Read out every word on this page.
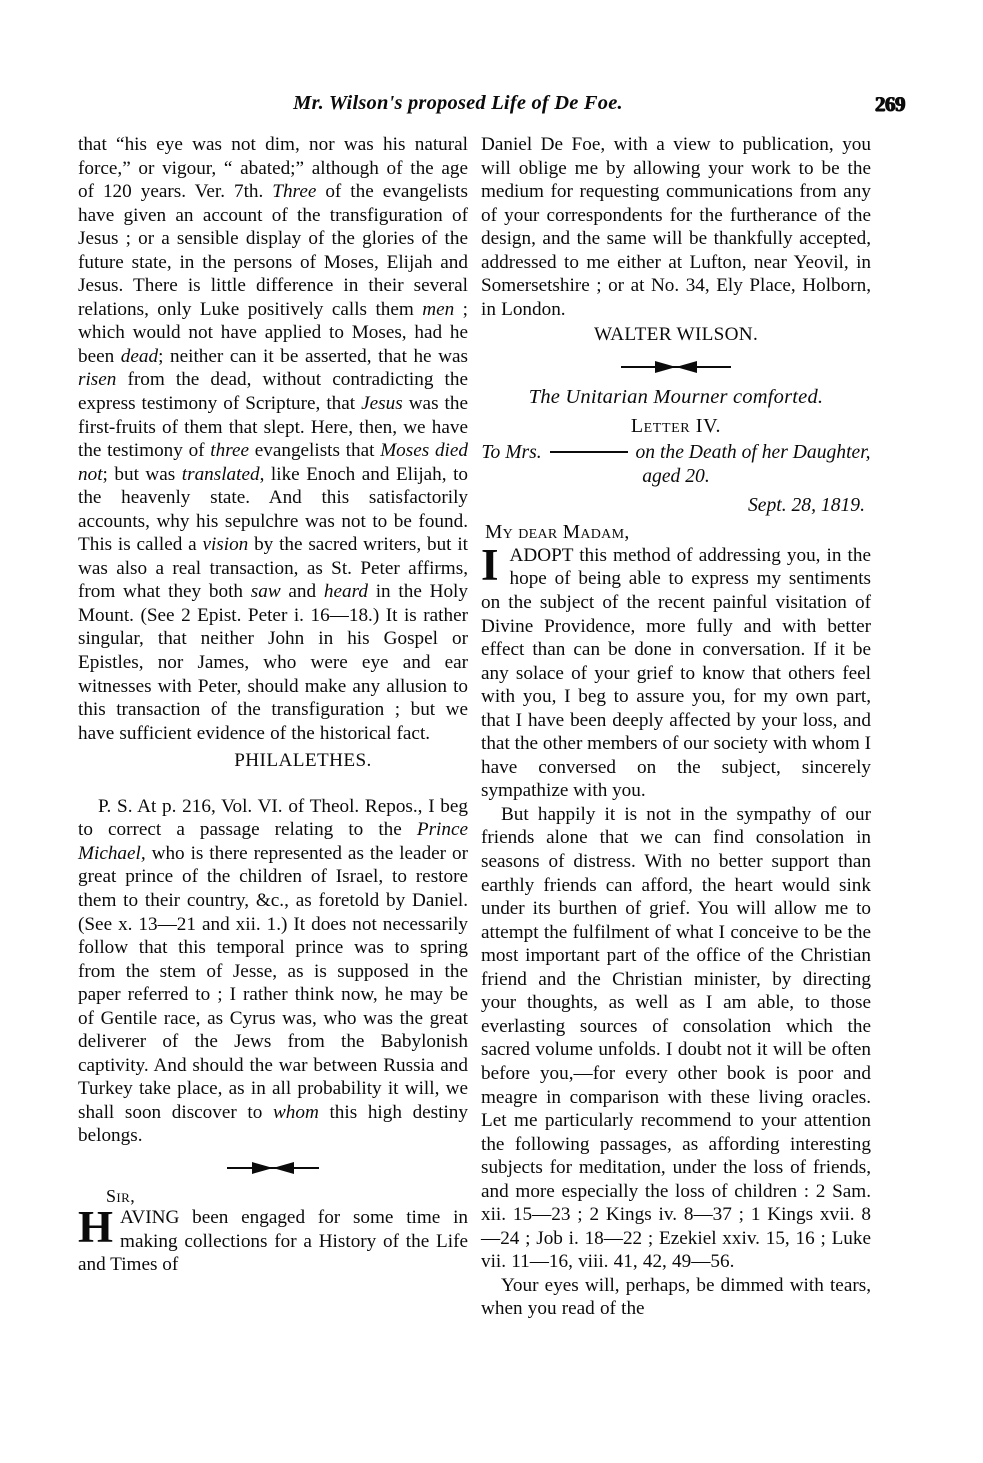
Mr. Wilson's proposed Life of De Foe.	269

that “his eye was not dim, nor was his natural force,” or vigour, “ abated;” although of the age of 120 years. Ver. 7th. Three of the evangelists have given an account of the transfiguration of Jesus ; or a sensible display of the glories of the future state, in the persons of Moses, Elijah and Jesus. There is little difference in their several relations, only Luke positively calls them men ; which would not have applied to Moses, had he been dead; neither can it be asserted, that he was risen from the dead, without contradicting the express testimony of Scripture, that Jesus was the first-fruits of them that slept. Here, then, we have the testimony of three evangelists that Moses died not; but was translated, like Enoch and Elijah, to the heavenly state. And this satisfactorily accounts, why his sepulchre was not to be found. This is called a vision by the sacred writers, but it was also a real transaction, as St. Peter affirms, from what they both saw and heard in the Holy Mount. (See 2 Epist. Peter i. 16—18.) It is rather singular, that neither John in his Gospel or Epistles, nor James, who were eye and ear witnesses with Peter, should make any allusion to this transaction of the transfiguration ; but we have sufficient evidence of the historical fact.

PHILALETHES.

P. S. At p. 216, Vol. VI. of Theol. Repos., I beg to correct a passage relating to the Prince Michael, who is there represented as the leader or great prince of the children of Israel, to restore them to their country, &c., as foretold by Daniel. (See x. 13—21 and xii. 1.) It does not necessarily follow that this temporal prince was to spring from the stem of Jesse, as is supposed in the paper referred to ; I rather think now, he may be of Gentile race, as Cyrus was, who was the great deliverer of the Jews from the Babylonish captivity. And should the war between Russia and Turkey take place, as in all probability it will, we shall soon discover to whom this high destiny belongs.

Sir,

HAVING been engaged for some time in making collections for a History of the Life and Times of

Daniel De Foe, with a view to publication, you will oblige me by allowing your work to be the medium for requesting communications from any of your correspondents for the furtherance of the design, and the same will be thankfully accepted, addressed to me either at Lufton, near Yeovil, in Somersetshire ; or at No. 34, Ely Place, Holborn, in London.

WALTER WILSON.
The Unitarian Mourner comforted.
Letter IV.
To Mrs.	on the Death of her Daughter, aged 20.
Sept. 28, 1819.
My dear Madam,

IADOPT this method of addressing you, in the hope of being able to express my sentiments on the subject of the recent painful visitation of Divine Providence, more fully and with better effect than can be done in conversation. If it be any solace of your grief to know that others feel with you, I beg to assure you, for my own part, that I have been deeply affected by your loss, and that the other members of our society with whom I have conversed on the subject, sincerely sympathize with you.

But happily it is not in the sympathy of our friends alone that we can find consolation in seasons of distress. With no better support than earthly friends can afford, the heart would sink under its burthen of grief. You will allow me to attempt the fulfilment of what I conceive to be the most important part of the office of the Christian friend and the Christian minister, by directing your thoughts, as well as I am able, to those everlasting sources of consolation which the sacred volume unfolds. I doubt not it will be often before you,—for every other book is poor and meagre in comparison with these living oracles. Let me particularly recommend to your attention the following passages, as affording interesting subjects for meditation, under the loss of friends, and more especially the loss of children : 2 Sam. xii. 15—23 ; 2 Kings iv. 8—37 ; 1 Kings xvii. 8—24 ; Job i. 18—22 ; Ezekiel xxiv. 15, 16 ; Luke vii. 11—16, viii. 41, 42, 49—56.

Your eyes will, perhaps, be dimmed with tears, when you read of the
